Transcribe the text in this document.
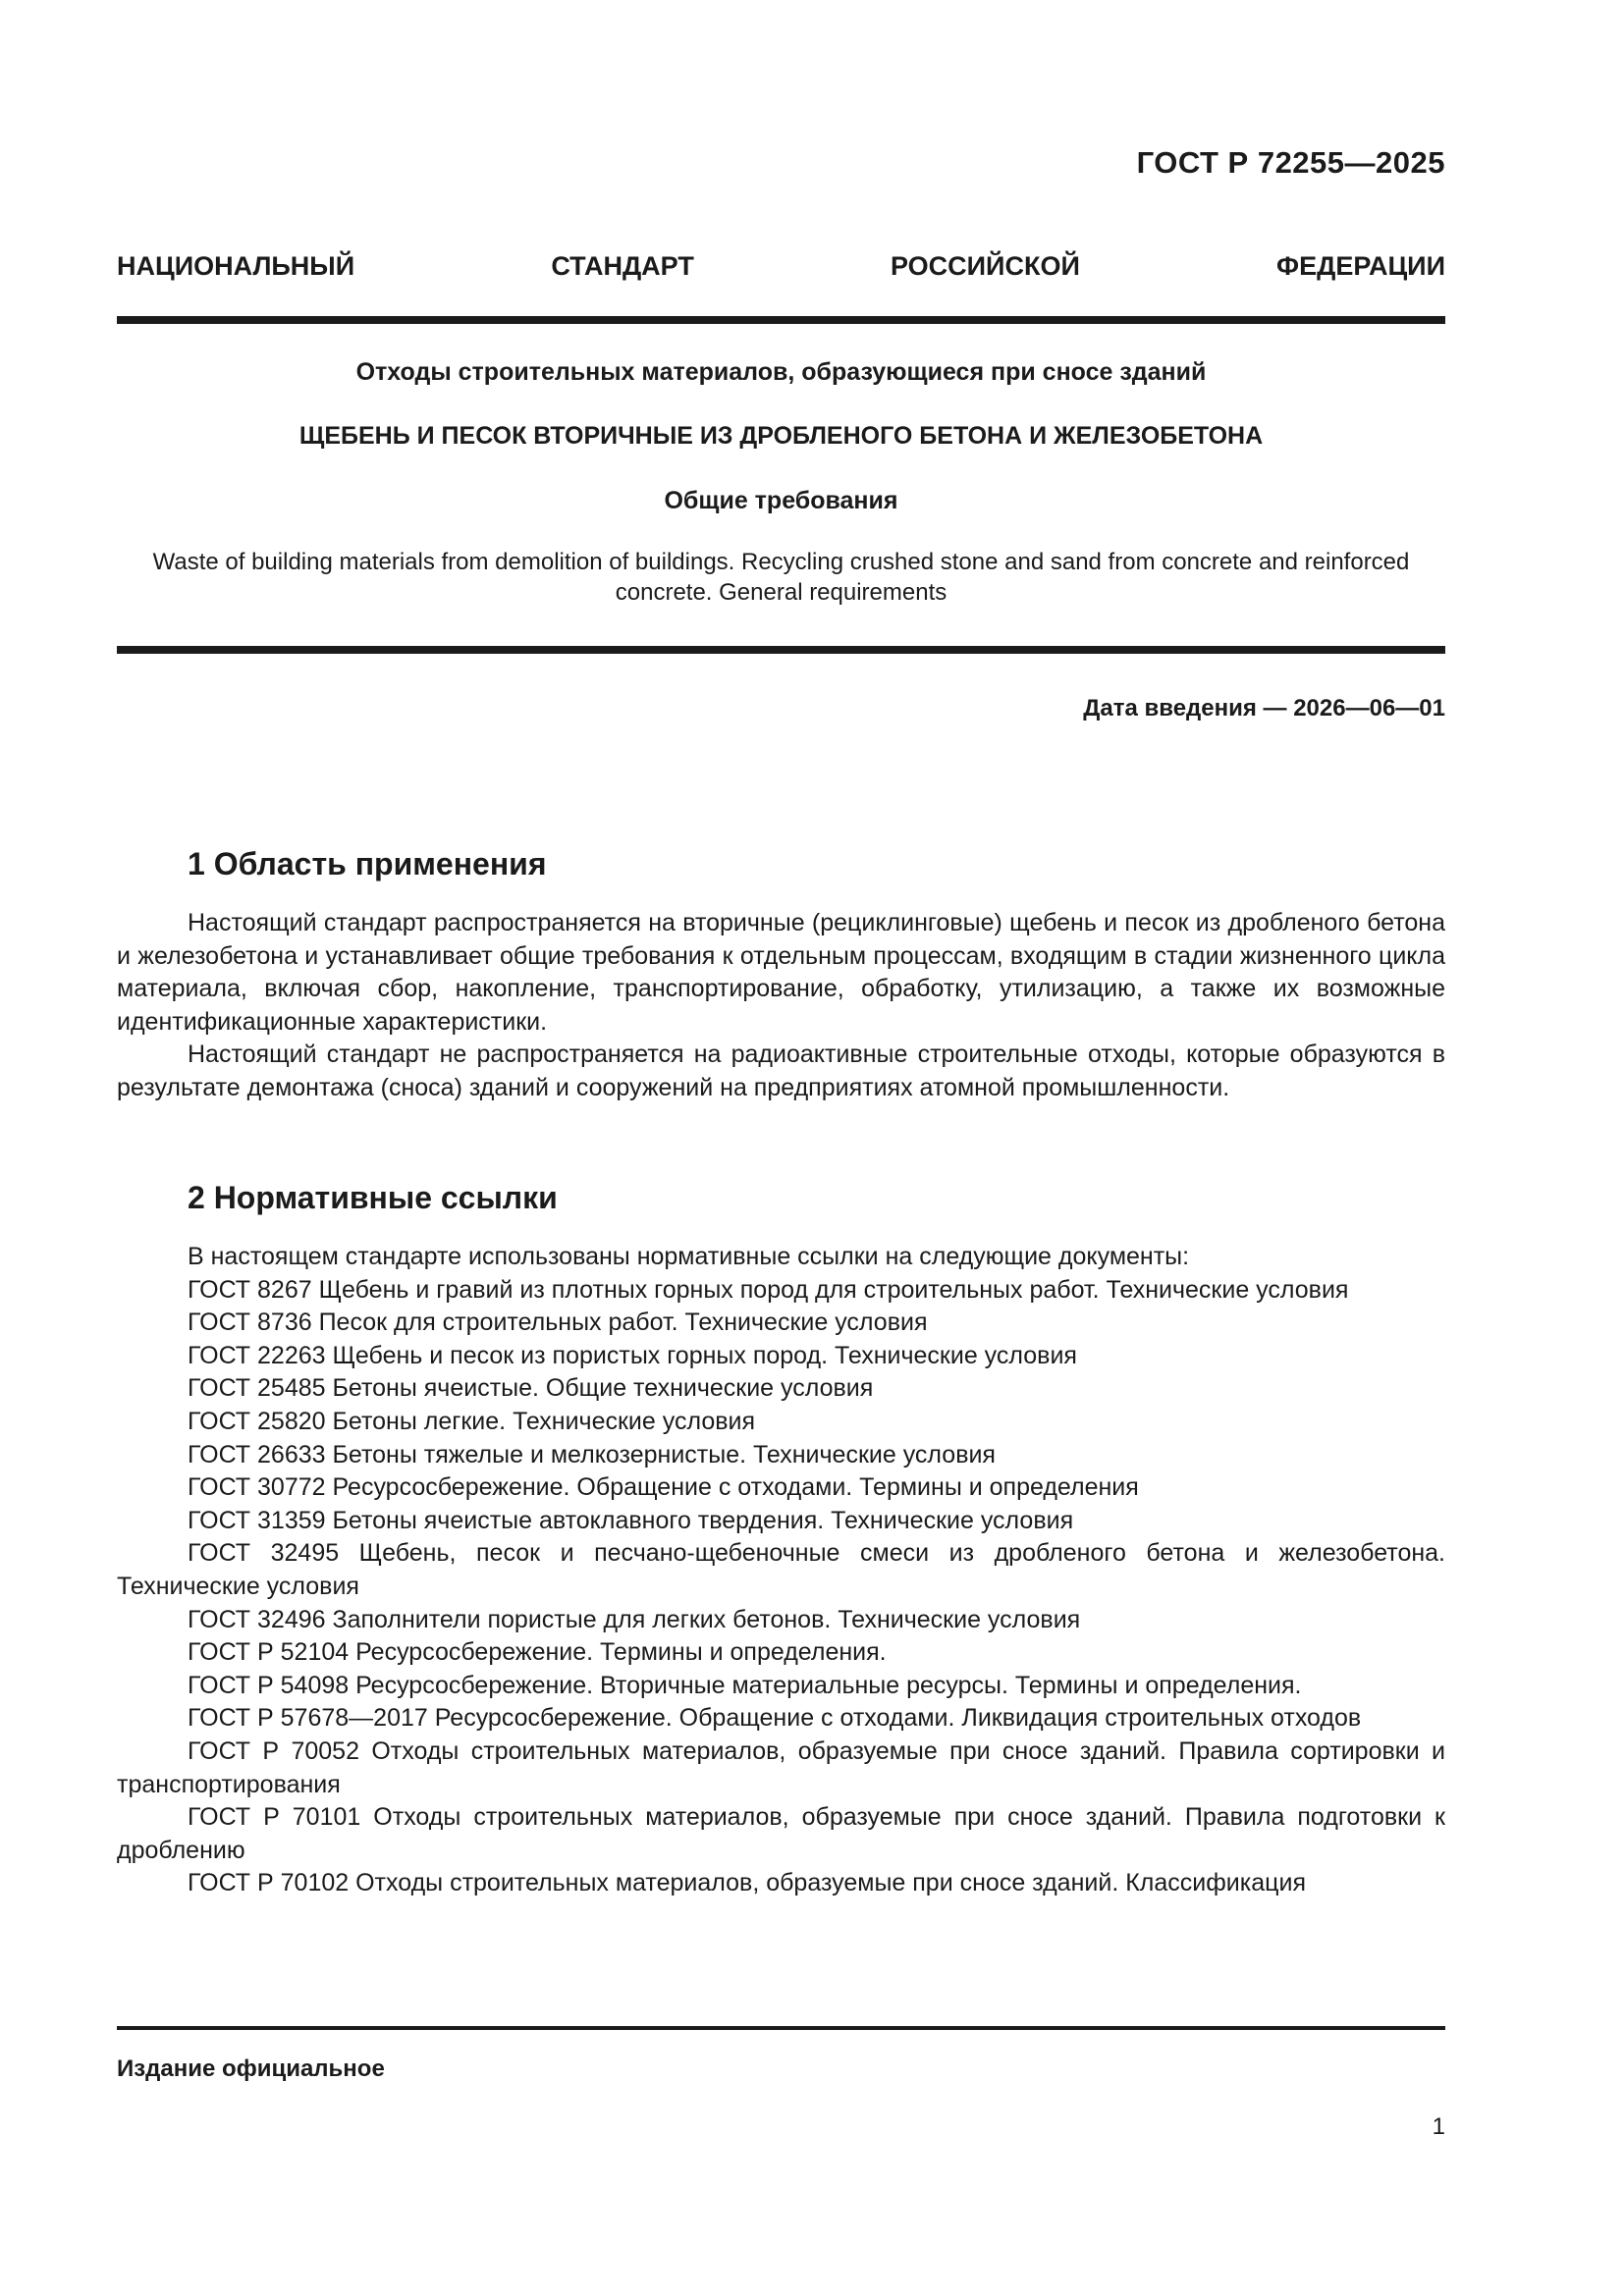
ГОСТ Р 72255—2025
НАЦИОНАЛЬНЫЙ	СТАНДАРТ	РОССИЙСКОЙ	ФЕДЕРАЦИИ
Отходы строительных материалов, образующиеся при сносе зданий
ЩЕБЕНЬ И ПЕСОК ВТОРИЧНЫЕ ИЗ ДРОБЛЕНОГО БЕТОНА И ЖЕЛЕЗОБЕТОНА
Общие требования
Waste of building materials from demolition of buildings. Recycling crushed stone and sand from concrete and reinforced
concrete. General requirements
Дата введения — 2026—06—01
1 Область применения

Настоящий стандарт распространяется на вторичные (рециклинговые) щебень и песок из дробленого бетона и железобетона и устанавливает общие требования к отдельным процессам, входящим в стадии жизненного цикла материала, включая сбор, накопление, транспортирование, обработку, утилизацию, а также их возможные идентификационные характеристики.

Настоящий стандарт не распространяется на радиоактивные строительные отходы, которые образуются в результате демонтажа (сноса) зданий и сооружений на предприятиях атомной промышленности.

2 Нормативные ссылки

В настоящем стандарте использованы нормативные ссылки на следующие документы:

ГОСТ 8267 Щебень и гравий из плотных горных пород для строительных работ. Технические условия

ГОСТ 8736 Песок для строительных работ. Технические условия

ГОСТ 22263 Щебень и песок из пористых горных пород. Технические условия

ГОСТ 25485 Бетоны ячеистые. Общие технические условия

ГОСТ 25820 Бетоны легкие. Технические условия

ГОСТ 26633 Бетоны тяжелые и мелкозернистые. Технические условия

ГОСТ 30772 Ресурсосбережение. Обращение с отходами. Термины и определения

ГОСТ 31359 Бетоны ячеистые автоклавного твердения. Технические условия

ГОСТ 32495 Щебень, песок и песчано-щебеночные смеси из дробленого бетона и железобетона. Технические условия

ГОСТ 32496 Заполнители пористые для легких бетонов. Технические условия

ГОСТ Р 52104 Ресурсосбережение. Термины и определения.

ГОСТ Р 54098 Ресурсосбережение. Вторичные материальные ресурсы. Термины и определения.

ГОСТ Р 57678—2017 Ресурсосбережение. Обращение с отходами. Ликвидация строительных отходов

ГОСТ Р 70052 Отходы строительных материалов, образуемые при сносе зданий. Правила сортировки и транспортирования

ГОСТ Р 70101 Отходы строительных материалов, образуемые при сносе зданий. Правила подготовки к дроблению

ГОСТ Р 70102 Отходы строительных материалов, образуемые при сносе зданий. Классификация

Издание официальное
1
